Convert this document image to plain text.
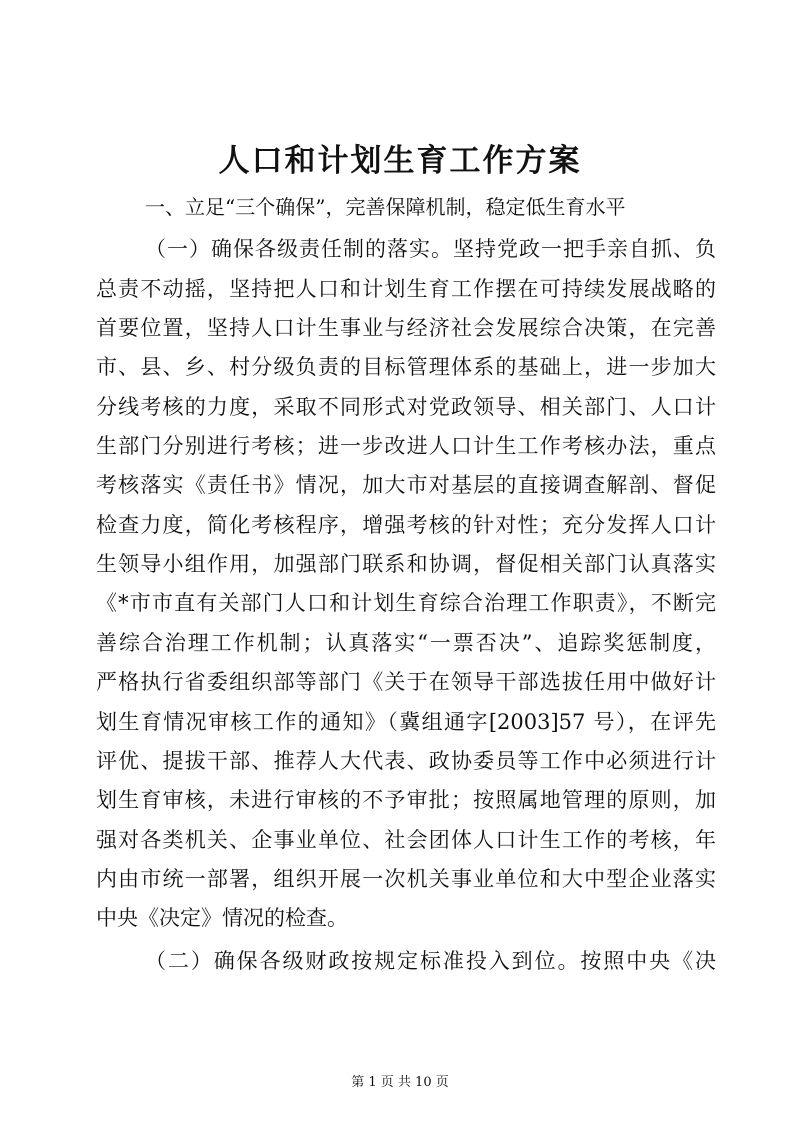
人口和计划生育工作方案

一、立足“三个确保”，完善保障机制，稳定低生育水平

（一）确保各级责任制的落实。坚持党政一把手亲自抓、负

总责不动摇，坚持把人口和计划生育工作摆在可持续发展战略的

首要位置，坚持人口计生事业与经济社会发展综合决策，在完善

市、县、乡、村分级负责的目标管理体系的基础上，进一步加大

分线考核的力度，采取不同形式对党政领导、相关部门、人口计

生部门分别进行考核；进一步改进人口计生工作考核办法，重点

考核落实《责任书》情况，加大市对基层的直接调查解剖、督促

检查力度，简化考核程序，增强考核的针对性；充分发挥人口计

生领导小组作用，加强部门联系和协调，督促相关部门认真落实

《*市市直有关部门人口和计划生育综合治理工作职责》，不断完

善综合治理工作机制；认真落实“一票否决”、追踪奖惩制度，

严格执行省委组织部等部门《关于在领导干部选拔任用中做好计

划生育情况审核工作的通知》（冀组通字[2003]57 号），在评先

评优、提拔干部、推荐人大代表、政协委员等工作中必须进行计

划生育审核，未进行审核的不予审批；按照属地管理的原则，加

强对各类机关、企事业单位、社会团体人口计生工作的考核，年

内由市统一部署，组织开展一次机关事业单位和大中型企业落实

中央《决定》情况的检查。

（二）确保各级财政按规定标准投入到位。按照中央《决

第 1 页 共 10 页
